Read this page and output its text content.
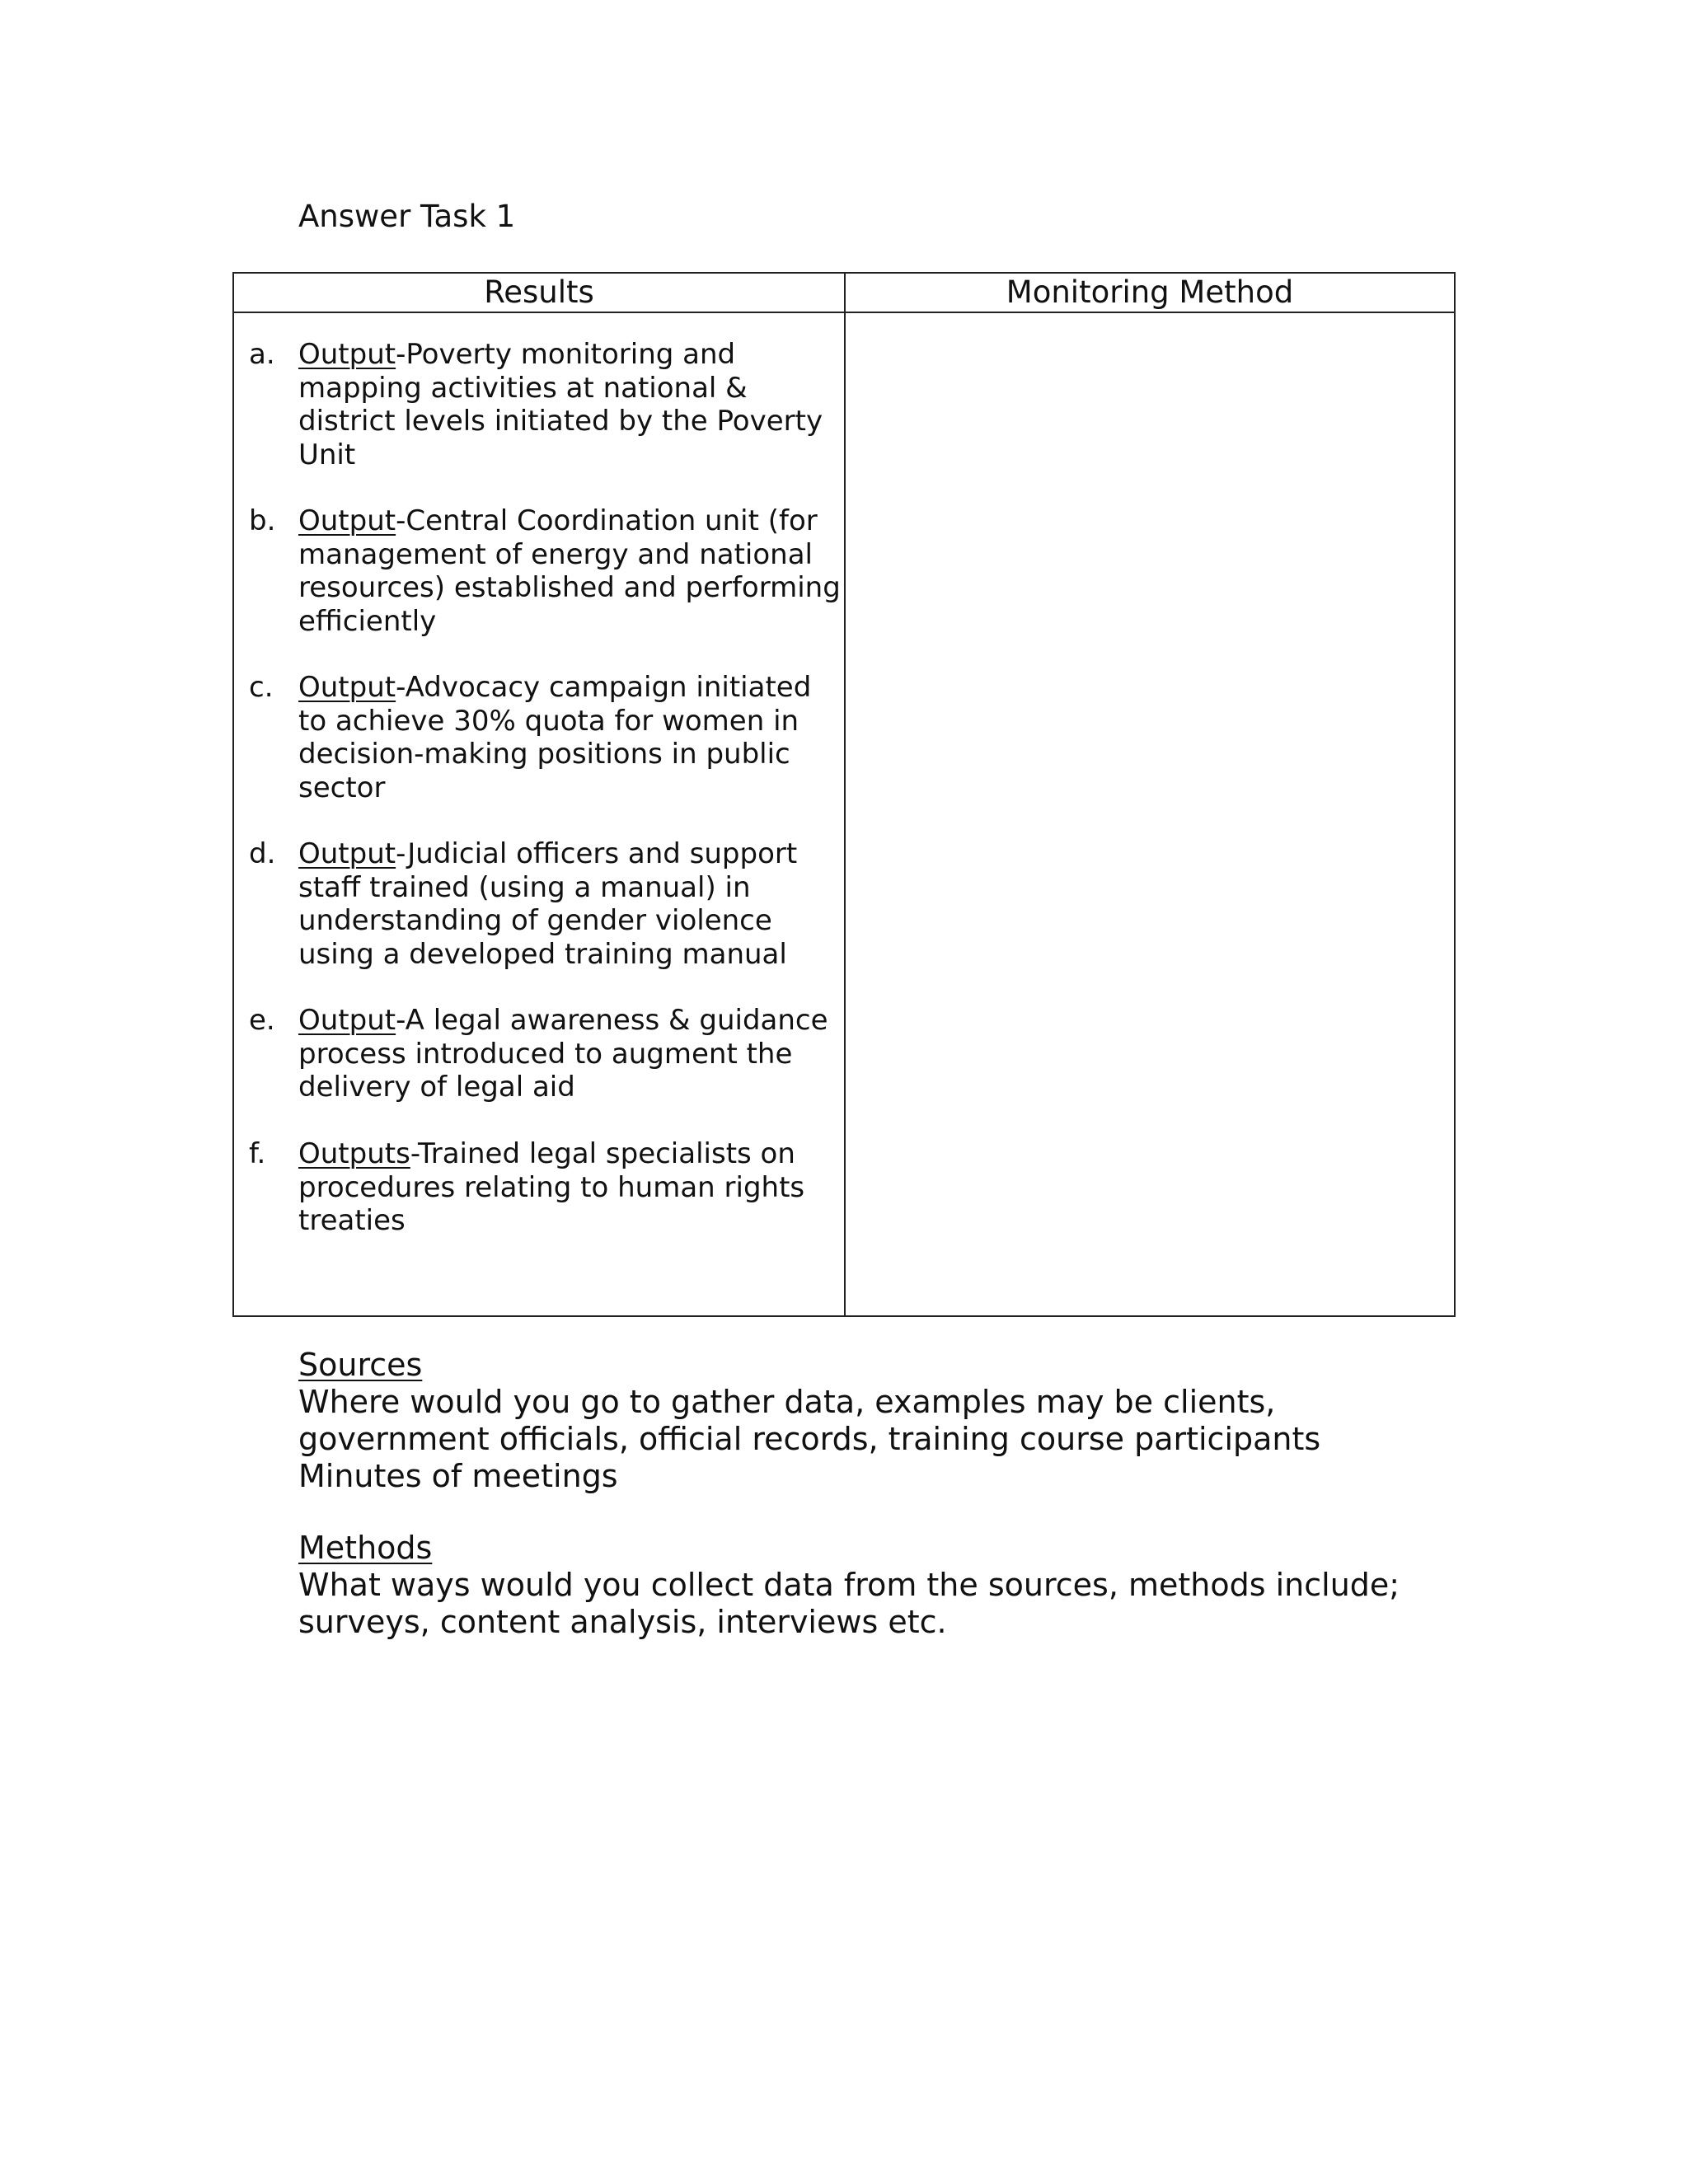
Answer Task 1
Results	Monitoring Method
a. Output-Poverty monitoring and mapping activities at national & district levels initiated by the Poverty Unit
b. Output-Central Coordination unit (for management of energy and national resources) established and performing efficiently
c. Output-Advocacy campaign initiated to achieve 30% quota for women in decision-making positions in public sector
d. Output-Judicial officers and support staff trained (using a manual) in understanding of gender violence using a developed training manual
e. Output-A legal awareness & guidance process introduced to augment the delivery of legal aid
f. Outputs-Trained legal specialists on procedures relating to human rights treaties
Sources
Where would you go to gather data, examples may be clients,
government officials, official records, training course participants
Minutes of meetings
Methods
What ways would you collect data from the sources, methods include;
surveys, content analysis, interviews etc.
